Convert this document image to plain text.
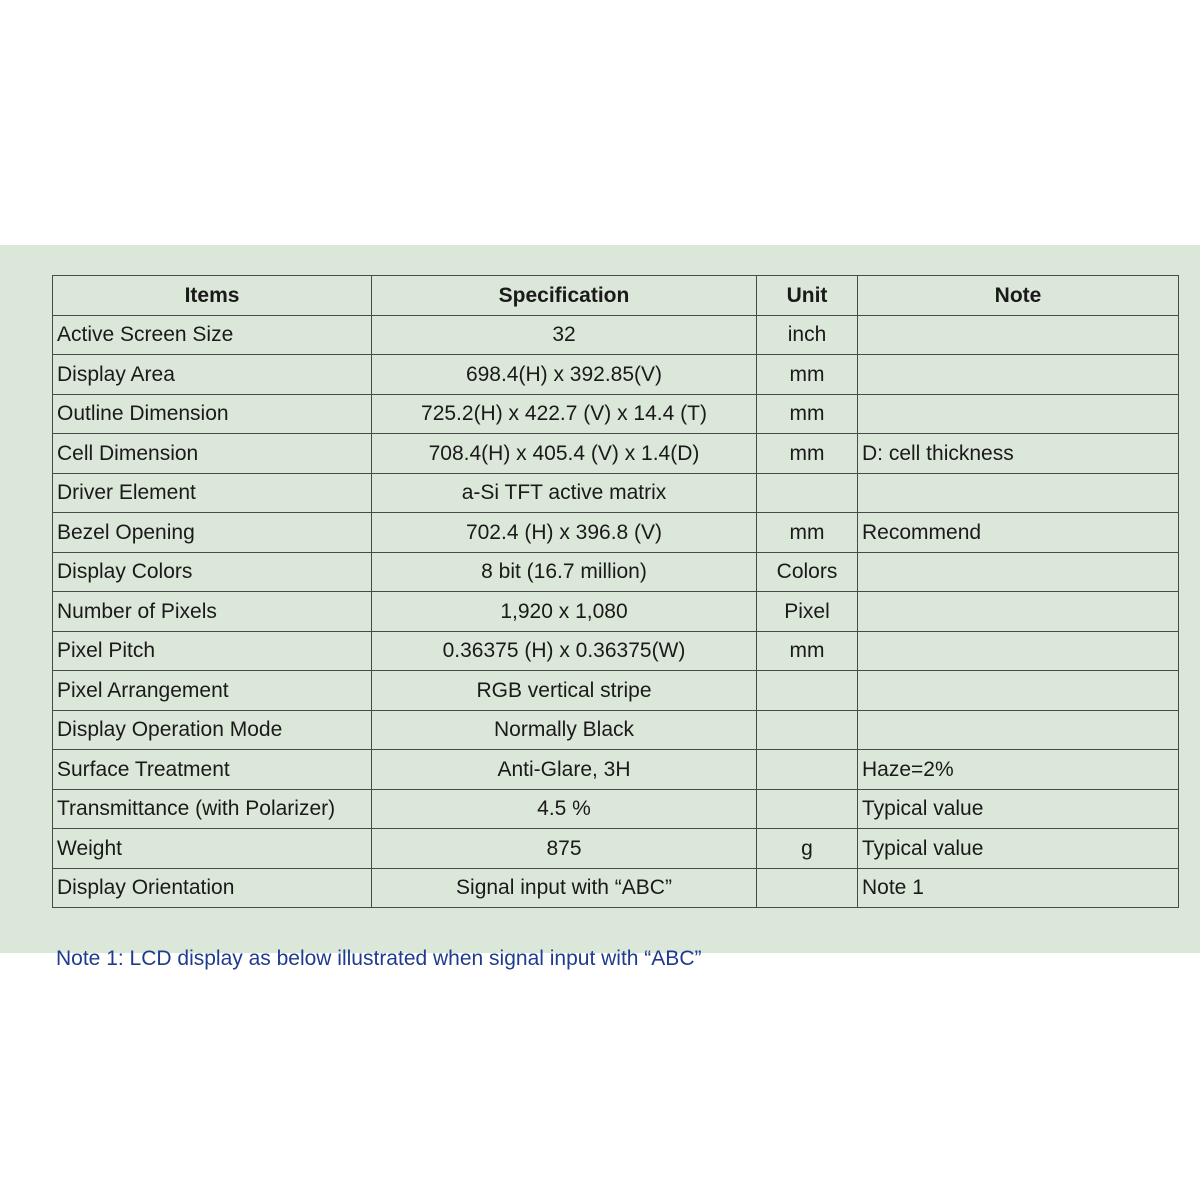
Items	Specification	Unit	Note
Active Screen Size	32	inch	
Display Area	698.4(H) x 392.85(V)	mm	
Outline Dimension	725.2(H) x 422.7 (V) x 14.4 (T)	mm	
Cell Dimension	708.4(H) x 405.4 (V) x 1.4(D)	mm	D: cell thickness
Driver Element	a-Si TFT active matrix		
Bezel Opening	702.4 (H) x 396.8 (V)	mm	Recommend
Display Colors	8 bit (16.7 million)	Colors	
Number of Pixels	1,920 x 1,080	Pixel	
Pixel Pitch	0.36375 (H) x 0.36375(W)	mm	
Pixel Arrangement	RGB vertical stripe		
Display Operation Mode	Normally Black		
Surface Treatment	Anti-Glare, 3H		Haze=2%
Transmittance (with Polarizer)	4.5 %		Typical value
Weight	875	g	Typical value
Display Orientation	Signal input with “ABC”		Note 1
Note 1: LCD display as below illustrated when signal input with “ABC”
